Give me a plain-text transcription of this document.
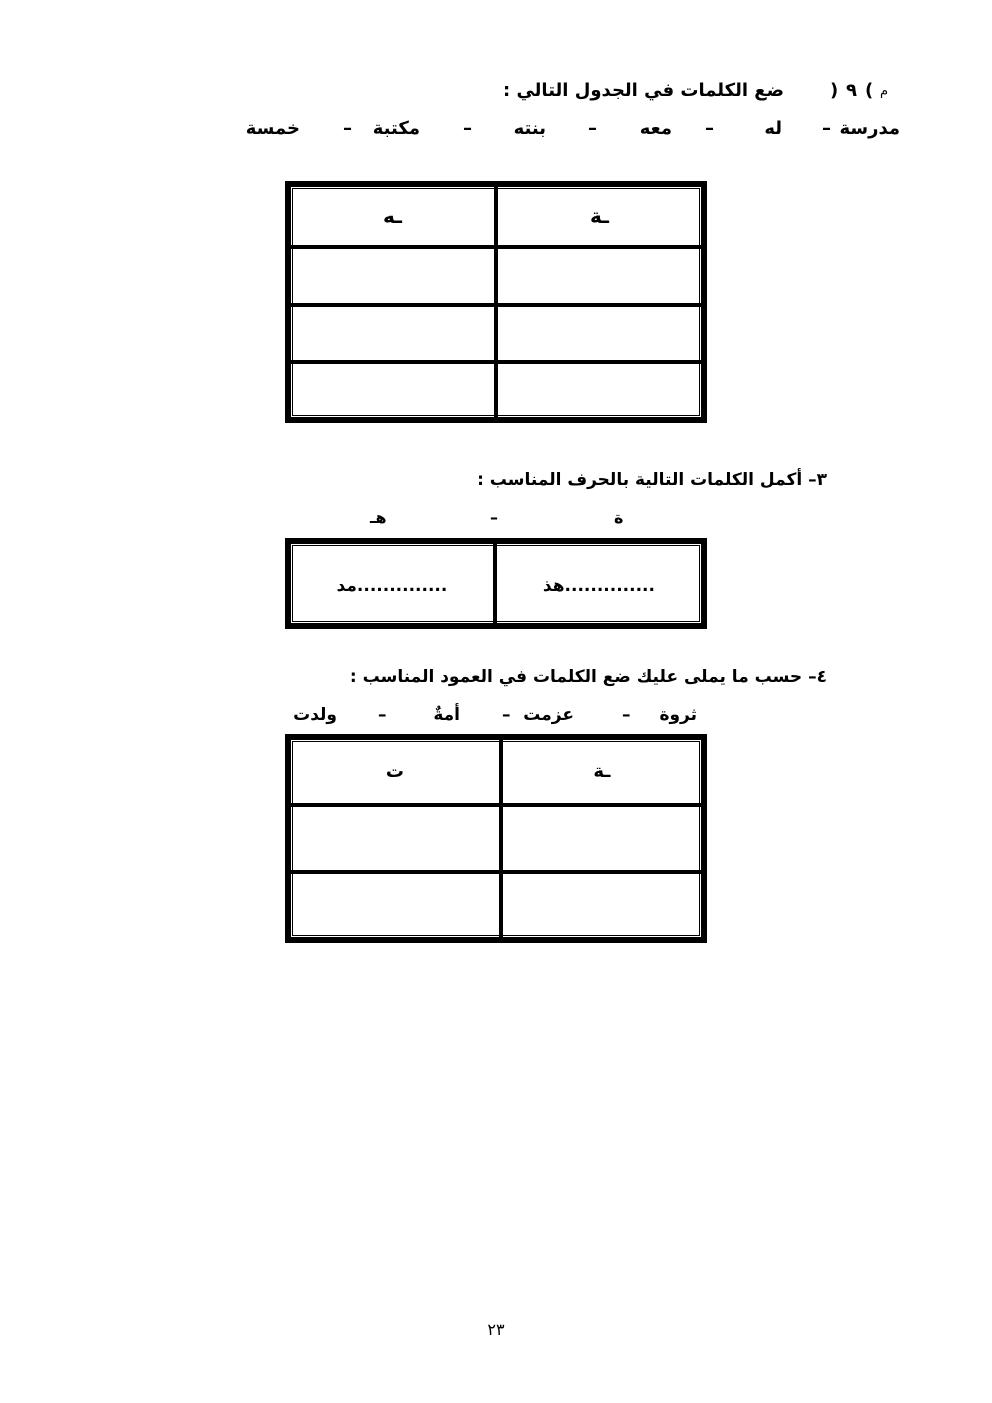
م
(
٩
)
ضع الكلمات في الجدول التالي :
مدرسة
–
له
–
معه
–
بنته
–
مكتبة
–
خمسة
ـة	ـه

٣– أكمل الكلمات التالية بالحرف المناسب :
ة
–
هـ
..............هذ	..............مد
٤– حسب ما يملى عليك ضع الكلمات في العمود المناسب :
ثروة
–
عزمت
–
أمةٌ
–
ولدت
ـة	ت

٢٣
